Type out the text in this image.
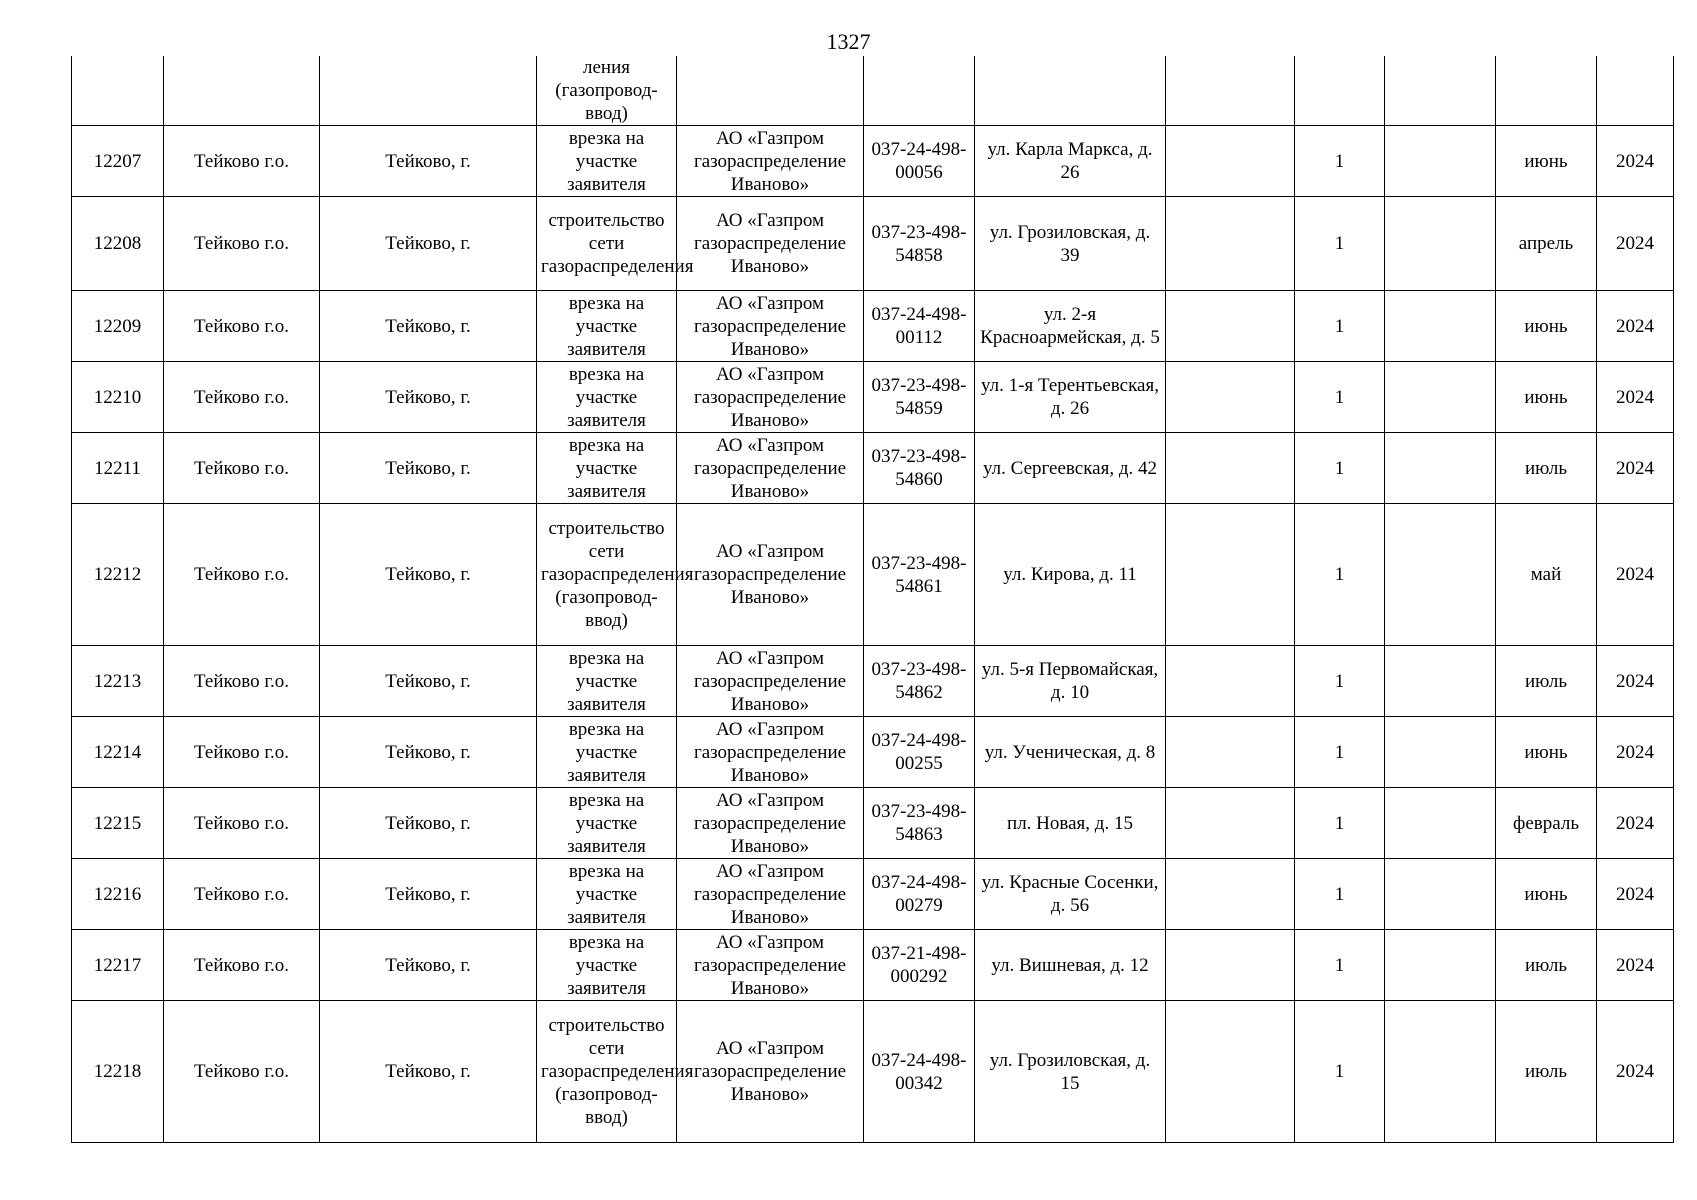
1327
			ления (газопровод-ввод)								
12207	Тейково г.о.	Тейково, г.	врезка на участке заявителя	АО «Газпром газораспределение Иваново»	037-24-498-00056	ул. Карла Маркса, д. 26		1		июнь	2024
12208	Тейково г.о.	Тейково, г.	строительство сети газораспределения	АО «Газпром газораспределение Иваново»	037-23-498-54858	ул. Грозиловская, д. 39		1		апрель	2024
12209	Тейково г.о.	Тейково, г.	врезка на участке заявителя	АО «Газпром газораспределение Иваново»	037-24-498-00112	ул. 2-я Красноармейская, д. 5		1		июнь	2024
12210	Тейково г.о.	Тейково, г.	врезка на участке заявителя	АО «Газпром газораспределение Иваново»	037-23-498-54859	ул. 1-я Терентьевская, д. 26		1		июнь	2024
12211	Тейково г.о.	Тейково, г.	врезка на участке заявителя	АО «Газпром газораспределение Иваново»	037-23-498-54860	ул. Сергеевская, д. 42		1		июль	2024
12212	Тейково г.о.	Тейково, г.	строительство сети газораспределения (газопровод-ввод)	АО «Газпром газораспределение Иваново»	037-23-498-54861	ул. Кирова, д. 11		1		май	2024
12213	Тейково г.о.	Тейково, г.	врезка на участке заявителя	АО «Газпром газораспределение Иваново»	037-23-498-54862	ул. 5-я Первомайская, д. 10		1		июль	2024
12214	Тейково г.о.	Тейково, г.	врезка на участке заявителя	АО «Газпром газораспределение Иваново»	037-24-498-00255	ул. Ученическая, д. 8		1		июнь	2024
12215	Тейково г.о.	Тейково, г.	врезка на участке заявителя	АО «Газпром газораспределение Иваново»	037-23-498-54863	пл. Новая, д. 15		1		февраль	2024
12216	Тейково г.о.	Тейково, г.	врезка на участке заявителя	АО «Газпром газораспределение Иваново»	037-24-498-00279	ул. Красные Сосенки, д. 56		1		июнь	2024
12217	Тейково г.о.	Тейково, г.	врезка на участке заявителя	АО «Газпром газораспределение Иваново»	037-21-498-000292	ул. Вишневая, д. 12		1		июль	2024
12218	Тейково г.о.	Тейково, г.	строительство сети газораспределения (газопровод-ввод)	АО «Газпром газораспределение Иваново»	037-24-498-00342	ул. Грозиловская, д. 15		1		июль	2024
